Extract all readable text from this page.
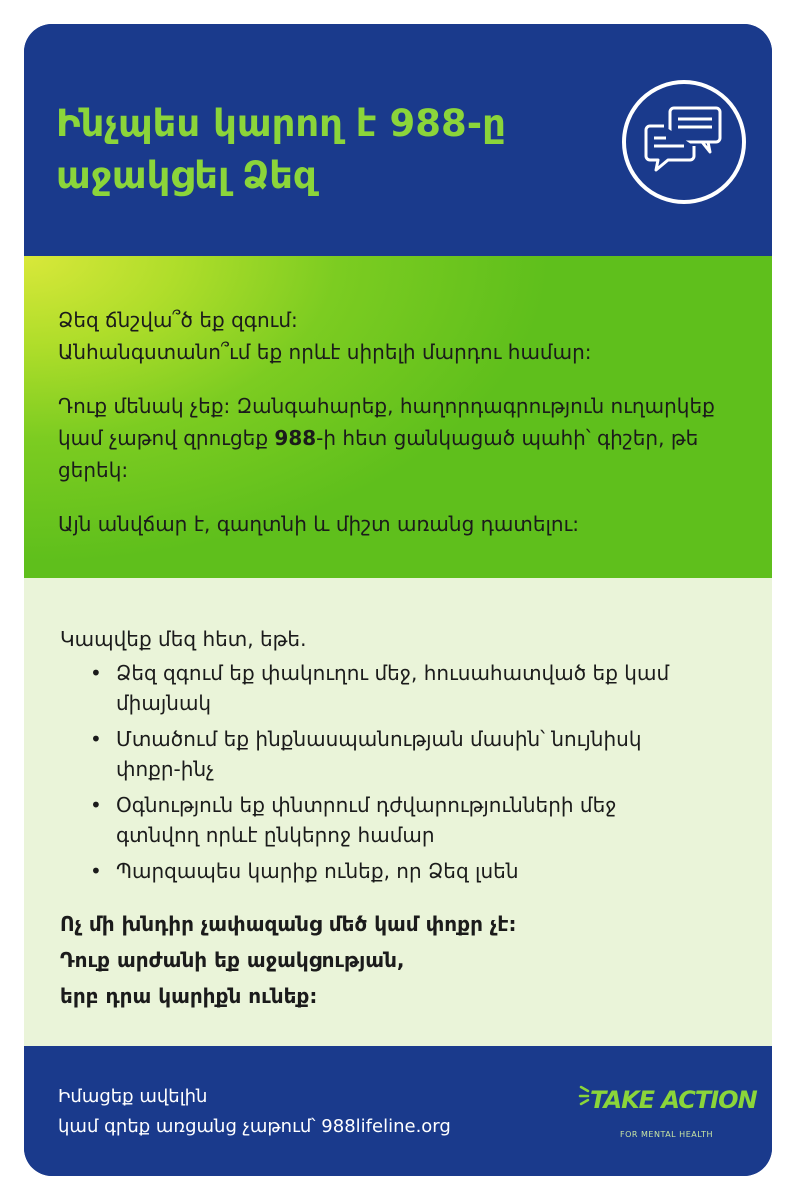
Ինչպես կարող է 988-ը աջակցել Ձեզ

Ձեզ ճնշվա՞ծ եք զգում:
Անհանգստանո՞ւմ եք որևէ սիրելի մարդու համար:

Դուք մենակ չեք: Զանգահարեք, հաղորդագրություն ուղարկեք կամ չաթով զրուցեք 988-ի հետ ցանկացած պահի՝ գիշեր, թե ցերեկ:

Այն անվճար է, գաղտնի և միշտ առանց դատելու:

Կապվեք մեզ հետ, եթե.
• Ձեզ զգում եք փակուղու մեջ, հուսահատված եք կամ միայնակ
• Մտածում եք ինքնասպանության մասին՝ նույնիսկ փոքր-ինչ
• Օգնություն եք փնտրում դժվարությունների մեջ գտնվող որևէ ընկերոջ համար
• Պարզապես կարիք ունեք, որ Ձեզ լսեն
Ոչ մի խնդիր չափազանց մեծ կամ փոքր չէ:
Դուք արժանի եք աջակցության,
երբ դրա կարիքն ունեք:
Իմացեք ավելին
կամ գրեք առցանց չաթում՝ 988lifeline.org
TAKE ACTION
FOR MENTAL HEALTH
